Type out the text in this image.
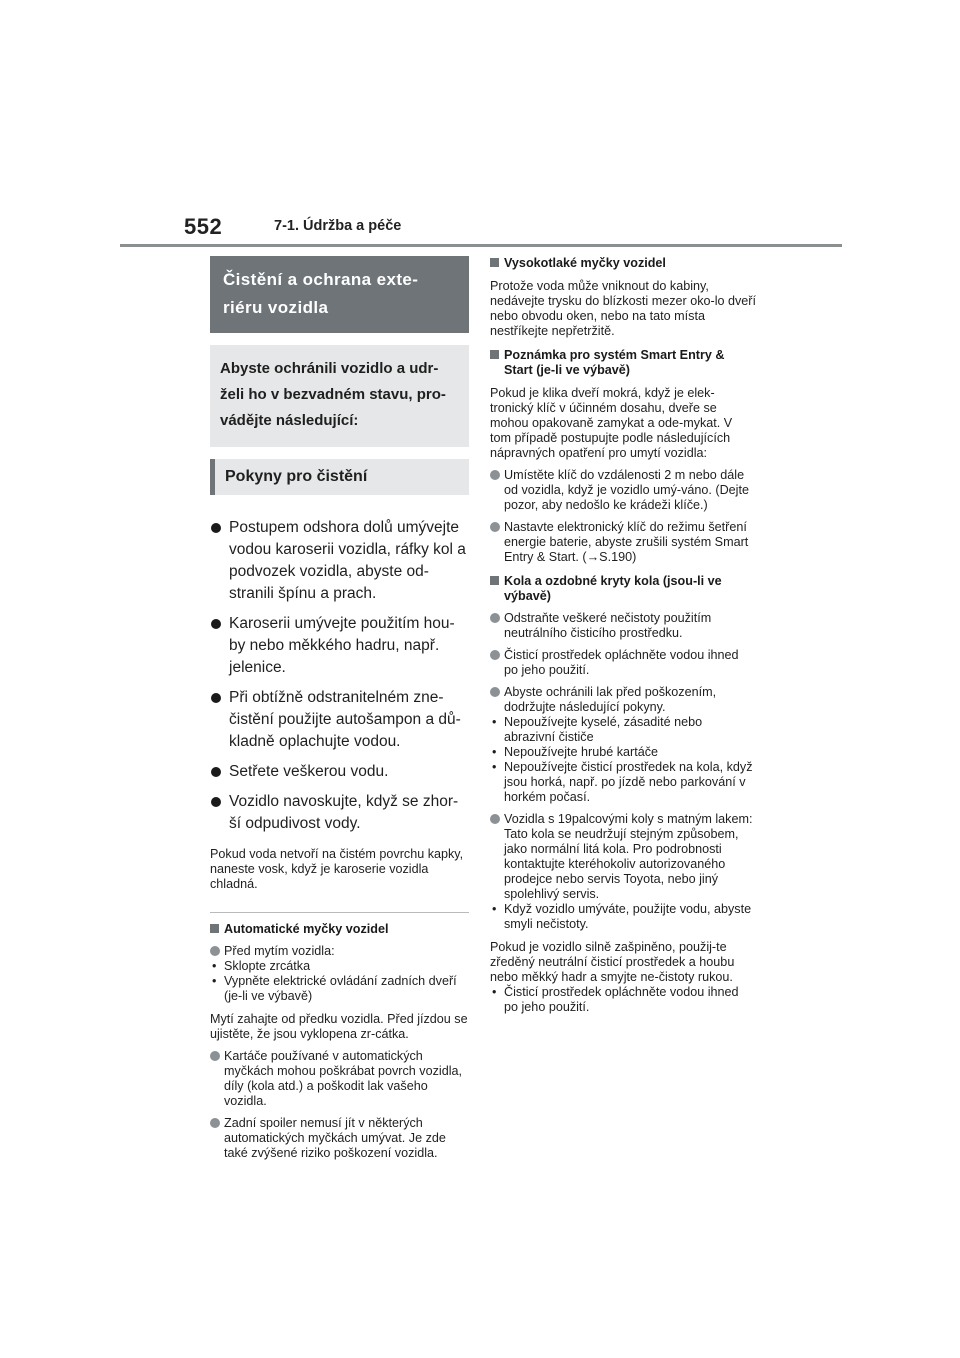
552	7-1. Údržba a péče
Čistění a ochrana exte-riéru vozidla
Abyste ochránili vozidlo a udr-želi ho v bezvadném stavu, pro-vádějte následující:
Pokyny pro čistění
Postupem odshora dolů umývejte vodou karoserii vozidla, ráfky kol a podvozek vozidla, abyste od-stranili špínu a prach.
Karoserii umývejte použitím hou-by nebo měkkého hadru, např. jelenice.
Při obtížně odstranitelném zne-čistění použijte autošampon a dů-kladně oplachujte vodou.
Setřete veškerou vodu.
Vozidlo navoskujte, když se zhor-ší odpudivost vody.

Pokud voda netvoří na čistém povrchu kapky, naneste vosk, když je karoserie vozidla chladná.

Automatické myčky vozidel
Před mytím vozidla:

• Sklopte zrcátka

• Vypněte elektrické ovládání zadních dveří (je-li ve výbavě)

Mytí zahajte od předku vozidla. Před jízdou se ujistěte, že jsou vyklopena zr-cátka.

Kartáče používané v automatických myčkách mohou poškrábat povrch vozidla, díly (kola atd.) a poškodit lak vašeho vozidla.
Zadní spoiler nemusí jít v některých automatických myčkách umývat. Je zde také zvýšené riziko poškození vozidla.
Vysokotlaké myčky vozidel

Protože voda může vniknout do kabiny, nedávejte trysku do blízkosti mezer oko-lo dveří nebo obvodu oken, nebo na tato místa nestříkejte nepřetržitě.

Poznámka pro systém Smart Entry & Start (je-li ve výbavě)

Pokud je klika dveří mokrá, když je elek-tronický klíč v účinném dosahu, dveře se mohou opakovaně zamykat a ode-mykat. V tom případě postupujte podle následujících nápravných opatření pro umytí vozidla:

Umístěte klíč do vzdálenosti 2 m nebo dále od vozidla, když je vozidlo umý-váno. (Dejte pozor, aby nedošlo ke krádeži klíče.)
Nastavte elektronický klíč do režimu šetření energie baterie, abyste zrušili systém Smart Entry & Start. (→S.190)
Kola a ozdobné kryty kola (jsou-li ve výbavě)
Odstraňte veškeré nečistoty použitím neutrálního čisticího prostředku.
Čisticí prostředek opláchněte vodou ihned po jeho použití.
Abyste ochránili lak před poškozením, dodržujte následující pokyny.

• Nepoužívejte kyselé, zásadité nebo abrazivní čističe

• Nepoužívejte hrubé kartáče

• Nepoužívejte čisticí prostředek na kola, když jsou horká, např. po jízdě nebo parkování v horkém počasí.

Vozidla s 19palcovými koly s matným lakem: Tato kola se neudržují stejným způsobem, jako normální litá kola. Pro podrobnosti kontaktujte kteréhokoliv autorizovaného prodejce nebo servis Toyota, nebo jiný spolehlivý servis.

• Když vozidlo umýváte, použijte vodu, abyste smyli nečistoty.

Pokud je vozidlo silně zašpiněno, použij-te zředěný neutrální čisticí prostředek a houbu nebo měkký hadr a smyjte ne-čistoty rukou.

• Čisticí prostředek opláchněte vodou ihned po jeho použití.
